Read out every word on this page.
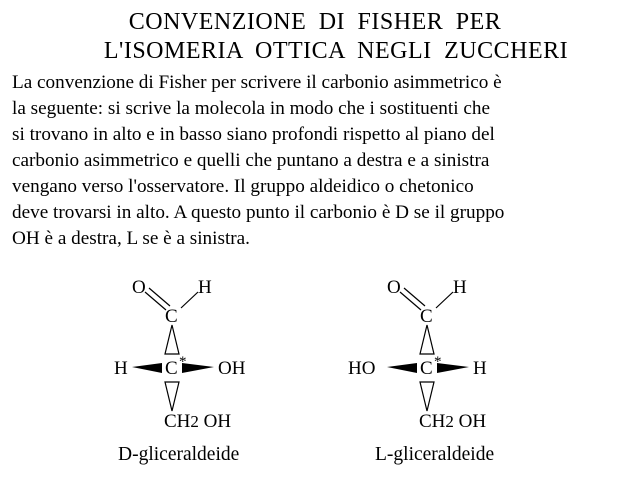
CONVENZIONE DI FISHER PER
L'ISOMERIA OTTICA NEGLI ZUCCHERI
La convenzione di Fisher per scrivere il carbonio asimmetrico è
la seguente: si scrive la molecola in modo che i sostituenti che
si trovano in alto e in basso siano profondi rispetto al piano del
carbonio asimmetrico e quelli che puntano a destra e a sinistra
vengano verso l'osservatore. Il gruppo aldeidico o chetonico
deve trovarsi in alto. A questo punto il carbonio è D se il gruppo
OH è a destra, L se è a sinistra.
O	H
C
H C * OH
CH2 OH
D-gliceraldeide
O	H
C
HO C * H
CH2 OH
L-gliceraldeide
